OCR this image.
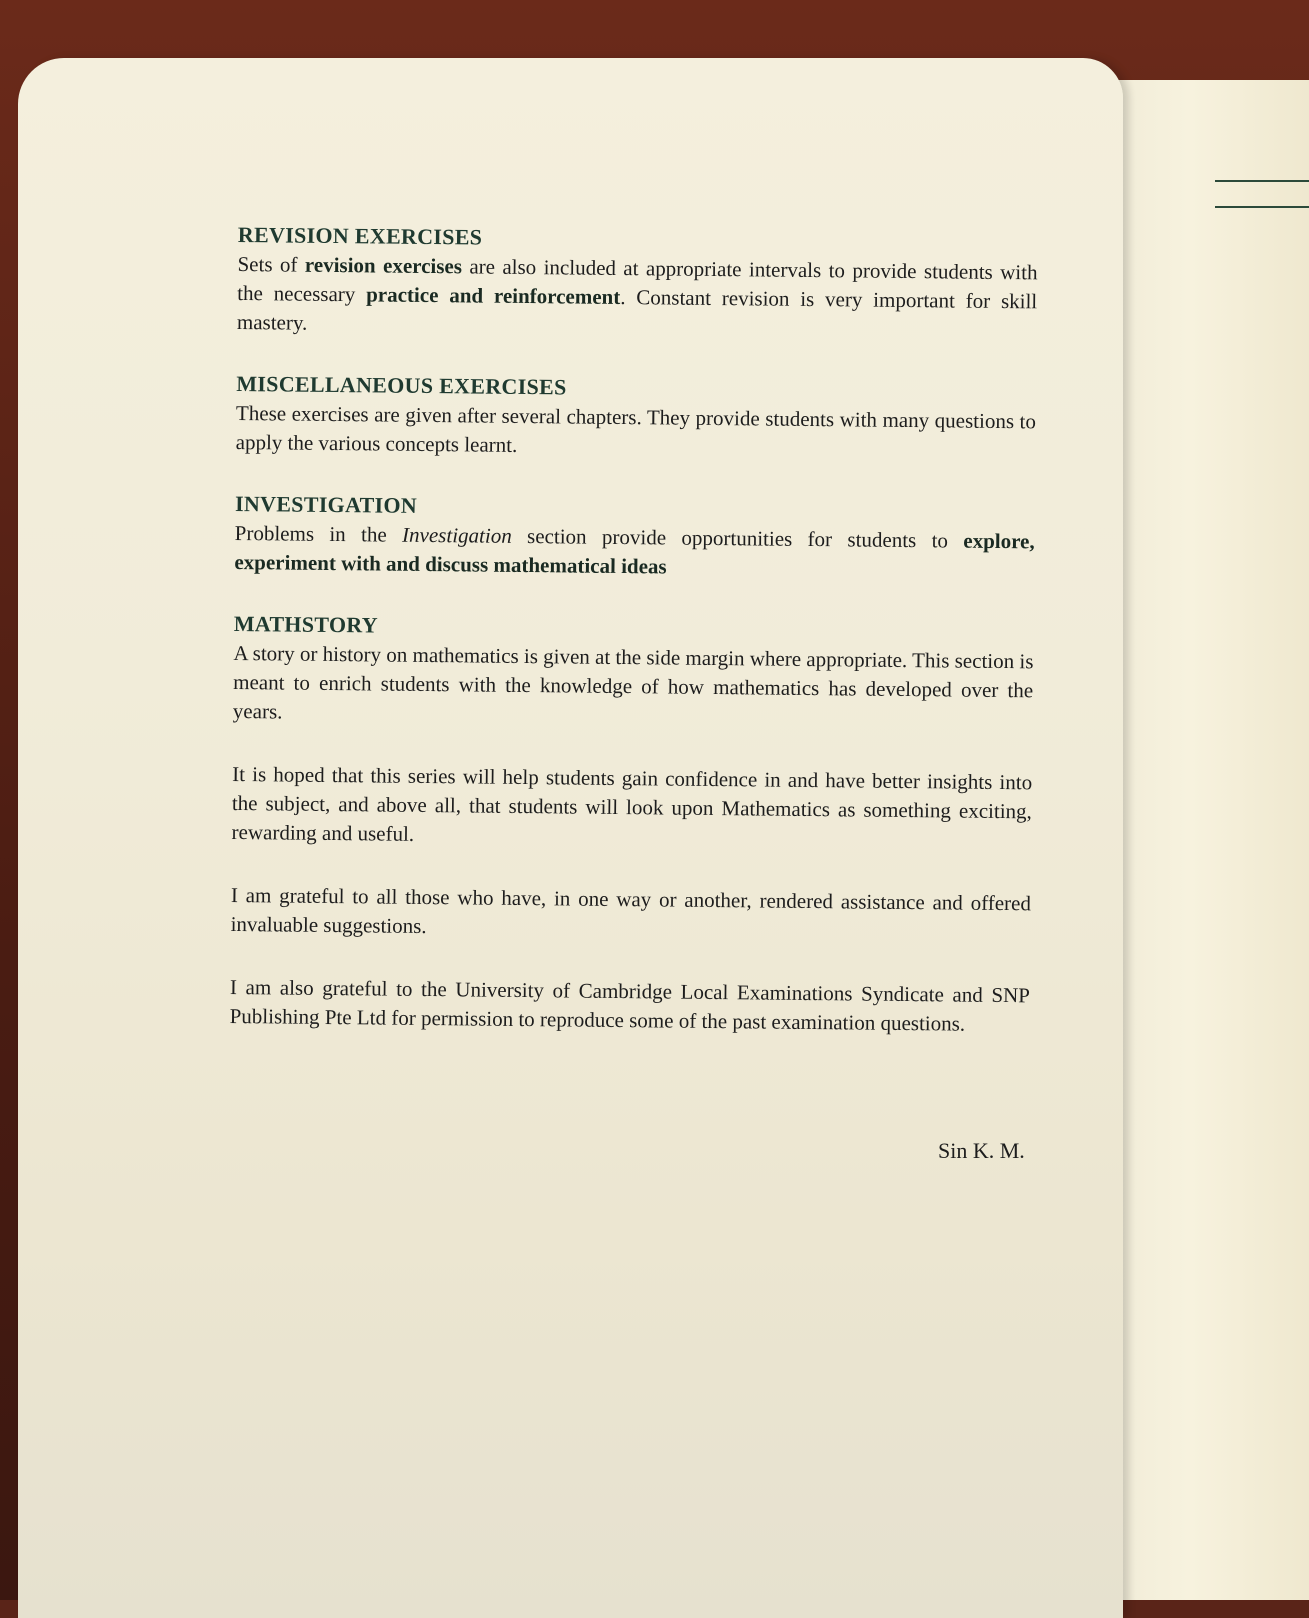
REVISION EXERCISES

Sets of revision exercises are also included at appropriate intervals to provide students with the necessary practice and reinforcement. Constant revision is very important for skill mastery.

MISCELLANEOUS EXERCISES

These exercises are given after several chapters. They provide students with many questions to apply the various concepts learnt.

INVESTIGATION

Problems in the Investigation section provide opportunities for students to explore, experiment with and discuss mathematical ideas

MATHSTORY

A story or history on mathematics is given at the side margin where appropriate. This section is meant to enrich students with the knowledge of how mathematics has developed over the years.

It is hoped that this series will help students gain confidence in and have better insights into the subject, and above all, that students will look upon Mathematics as something exciting, rewarding and useful.

I am grateful to all those who have, in one way or another, rendered assistance and offered invaluable suggestions.

I am also grateful to the University of Cambridge Local Examinations Syndicate and SNP Publishing Pte Ltd for permission to reproduce some of the past examination questions.

Sin K. M.
